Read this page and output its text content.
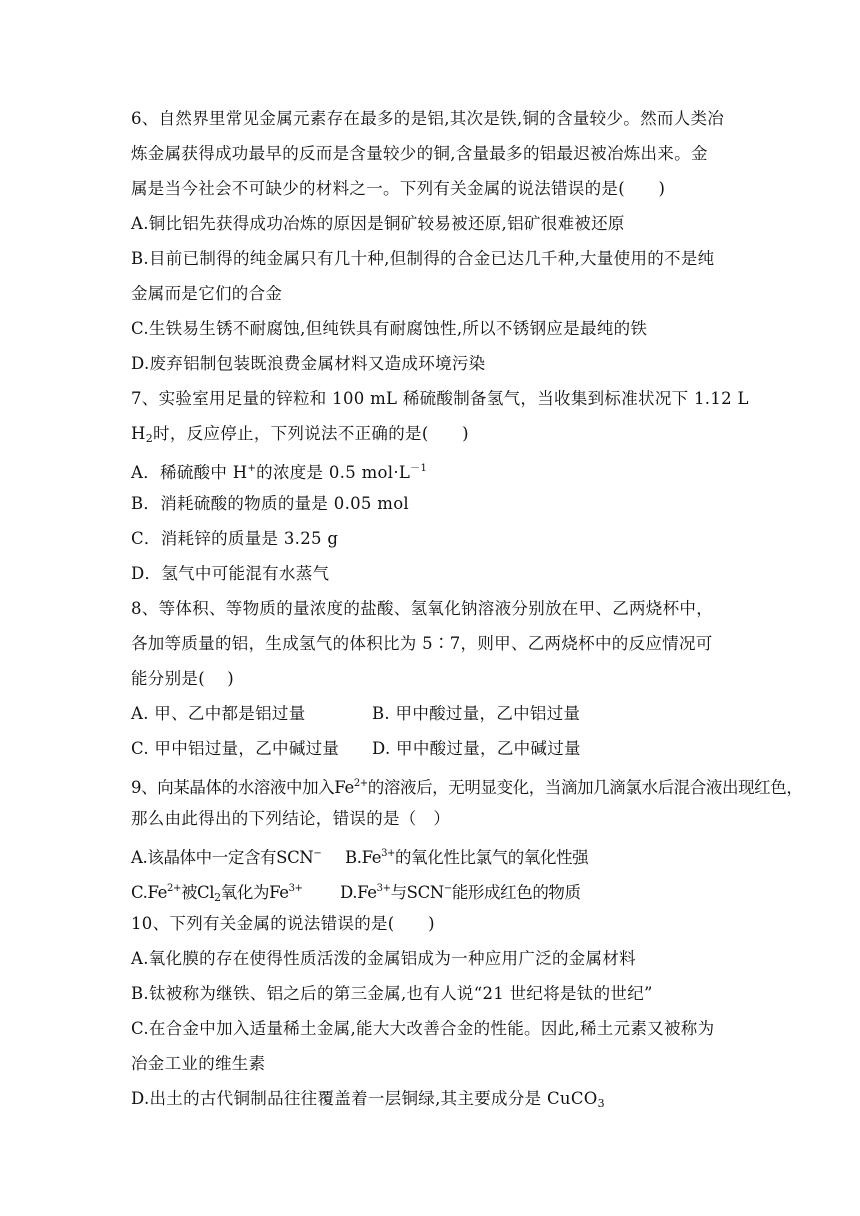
6、自然界里常见金属元素存在最多的是铝,其次是铁,铜的含量较少。然而人类冶
炼金属获得成功最早的反而是含量较少的铜,含量最多的铝最迟被冶炼出来。金
属是当今社会不可缺少的材料之一。下列有关金属的说法错误的是(　　)
A.铜比铝先获得成功冶炼的原因是铜矿较易被还原,铝矿很难被还原
B.目前已制得的纯金属只有几十种,但制得的合金已达几千种,大量使用的不是纯
金属而是它们的合金
C.生铁易生锈不耐腐蚀,但纯铁具有耐腐蚀性,所以不锈钢应是最纯的铁
D.废弃铝制包装既浪费金属材料又造成环境污染
7、实验室用足量的锌粒和 100 mL 稀硫酸制备氢气，当收集到标准状况下 1.12 L
$H_2$时，反应停止，下列说法不正确的是(　　)
A．稀硫酸中 H+的浓度是 0.5 $mol\cdot L^{-1}$
B．消耗硫酸的物质的量是 0.05 mol
C．消耗锌的质量是 3.25 g
D．氢气中可能混有水蒸气
8、等体积、等物质的量浓度的盐酸、氢氧化钠溶液分别放在甲、乙两烧杯中，
各加等质量的铝，生成氢气的体积比为 5∶7，则甲、乙两烧杯中的反应情况可
能分别是(　 )
A. 甲、乙中都是铝过量	B. 甲中酸过量，乙中铝过量
C. 甲中铝过量，乙中碱过量 D. 甲中酸过量，乙中碱过量
9、向某晶体的水溶液中加入$Fe^{2+}$的溶液后，无明显变化，当滴加几滴氯水后混合液出现红色，
那么由此得出的下列结论，错误的是（　）
A.该晶体中一定含有SCN− $B.Fe^{3+}$的氧化性比氯气的氧化性强
$C.Fe^{2+}$被$Cl_2$氧化为$Fe^{3+}$ $D.Fe^{3+}$与SCN−能形成红色的物质
10、下列有关金属的说法错误的是(　　)
A.氧化膜的存在使得性质活泼的金属铝成为一种应用广泛的金属材料
B.钛被称为继铁、铝之后的第三金属,也有人说“21 世纪将是钛的世纪”
C.在合金中加入适量稀土金属,能大大改善合金的性能。因此,稀土元素又被称为
冶金工业的维生素
D.出土的古代铜制品往往覆盖着一层铜绿,其主要成分是 CuCO$_3$
